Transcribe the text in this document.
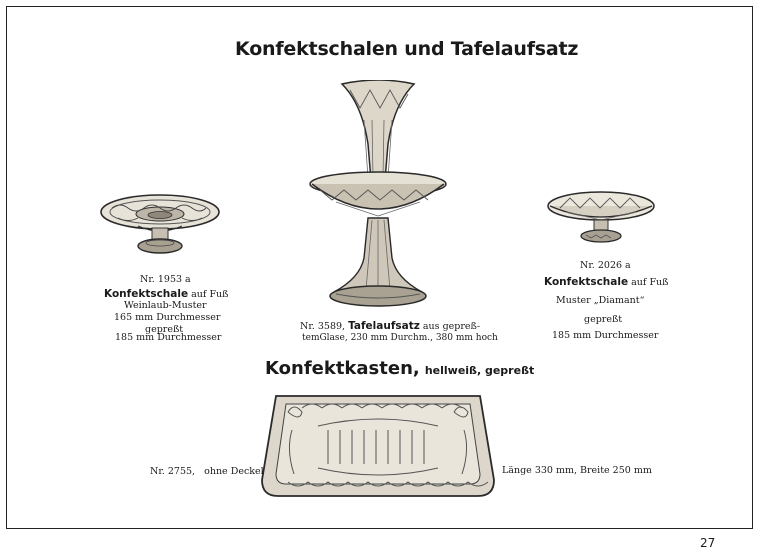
Konfektschalen und Tafelaufsatz
Nr. 1953 a
Konfektschale auf Fuß
Weinlaub-Muster
165 mm Durchmesser
gepreßt
185 mm Durchmesser
Nr. 3589, Tafelaufsatz aus gepreß-
temGlase, 230 mm Durchm., 380 mm hoch
Nr. 2026 a
Konfektschale auf Fuß
Muster „Diamant“
gepreßt
185 mm Durchmesser
Konfektkasten, hellweiß, gepreßt
Nr. 2755,   ohne Deckel	Länge 330 mm, Breite 250 mm
27
